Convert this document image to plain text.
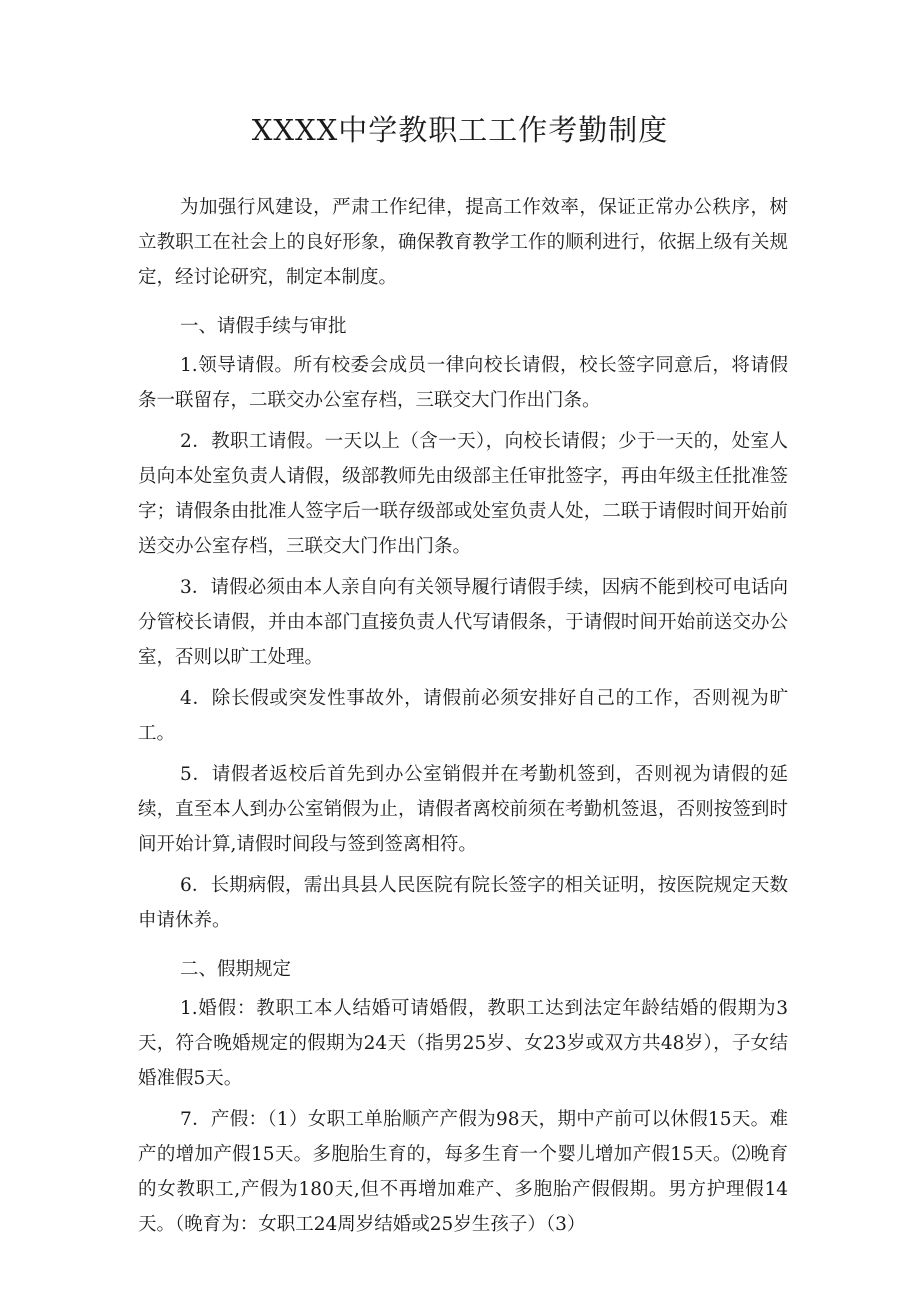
XXXX中学教职工工作考勤制度

为加强行风建设，严肃工作纪律，提高工作效率，保证正常办公秩序，树立教职工在社会上的良好形象，确保教育教学工作的顺利进行，依据上级有关规定，经讨论研究，制定本制度。

一、请假手续与审批

1.领导请假。所有校委会成员一律向校长请假，校长签字同意后，将请假条一联留存，二联交办公室存档，三联交大门作出门条。

2．教职工请假。一天以上（含一天），向校长请假；少于一天的，处室人员向本处室负责人请假，级部教师先由级部主任审批签字，再由年级主任批准签字；请假条由批准人签字后一联存级部或处室负责人处，二联于请假时间开始前送交办公室存档，三联交大门作出门条。

3．请假必须由本人亲自向有关领导履行请假手续，因病不能到校可电话向分管校长请假，并由本部门直接负责人代写请假条，于请假时间开始前送交办公室，否则以旷工处理。

4．除长假或突发性事故外，请假前必须安排好自己的工作，否则视为旷工。

5．请假者返校后首先到办公室销假并在考勤机签到，否则视为请假的延续，直至本人到办公室销假为止，请假者离校前须在考勤机签退，否则按签到时间开始计算,请假时间段与签到签离相符。

6．长期病假，需出具县人民医院有院长签字的相关证明，按医院规定天数申请休养。

二、假期规定

1.婚假：教职工本人结婚可请婚假，教职工达到法定年龄结婚的假期为3天，符合晚婚规定的假期为24天（指男25岁、女23岁或双方共48岁），子女结婚准假5天。

7．产假：（1）女职工单胎顺产产假为98天，期中产前可以休假15天。难产的增加产假15天。多胞胎生育的，每多生育一个婴儿增加产假15天。⑵晚育的女教职工,产假为180天,但不再增加难产、多胞胎产假假期。男方护理假14天。（晚育为：女职工24周岁结婚或25岁生孩子）（3）
